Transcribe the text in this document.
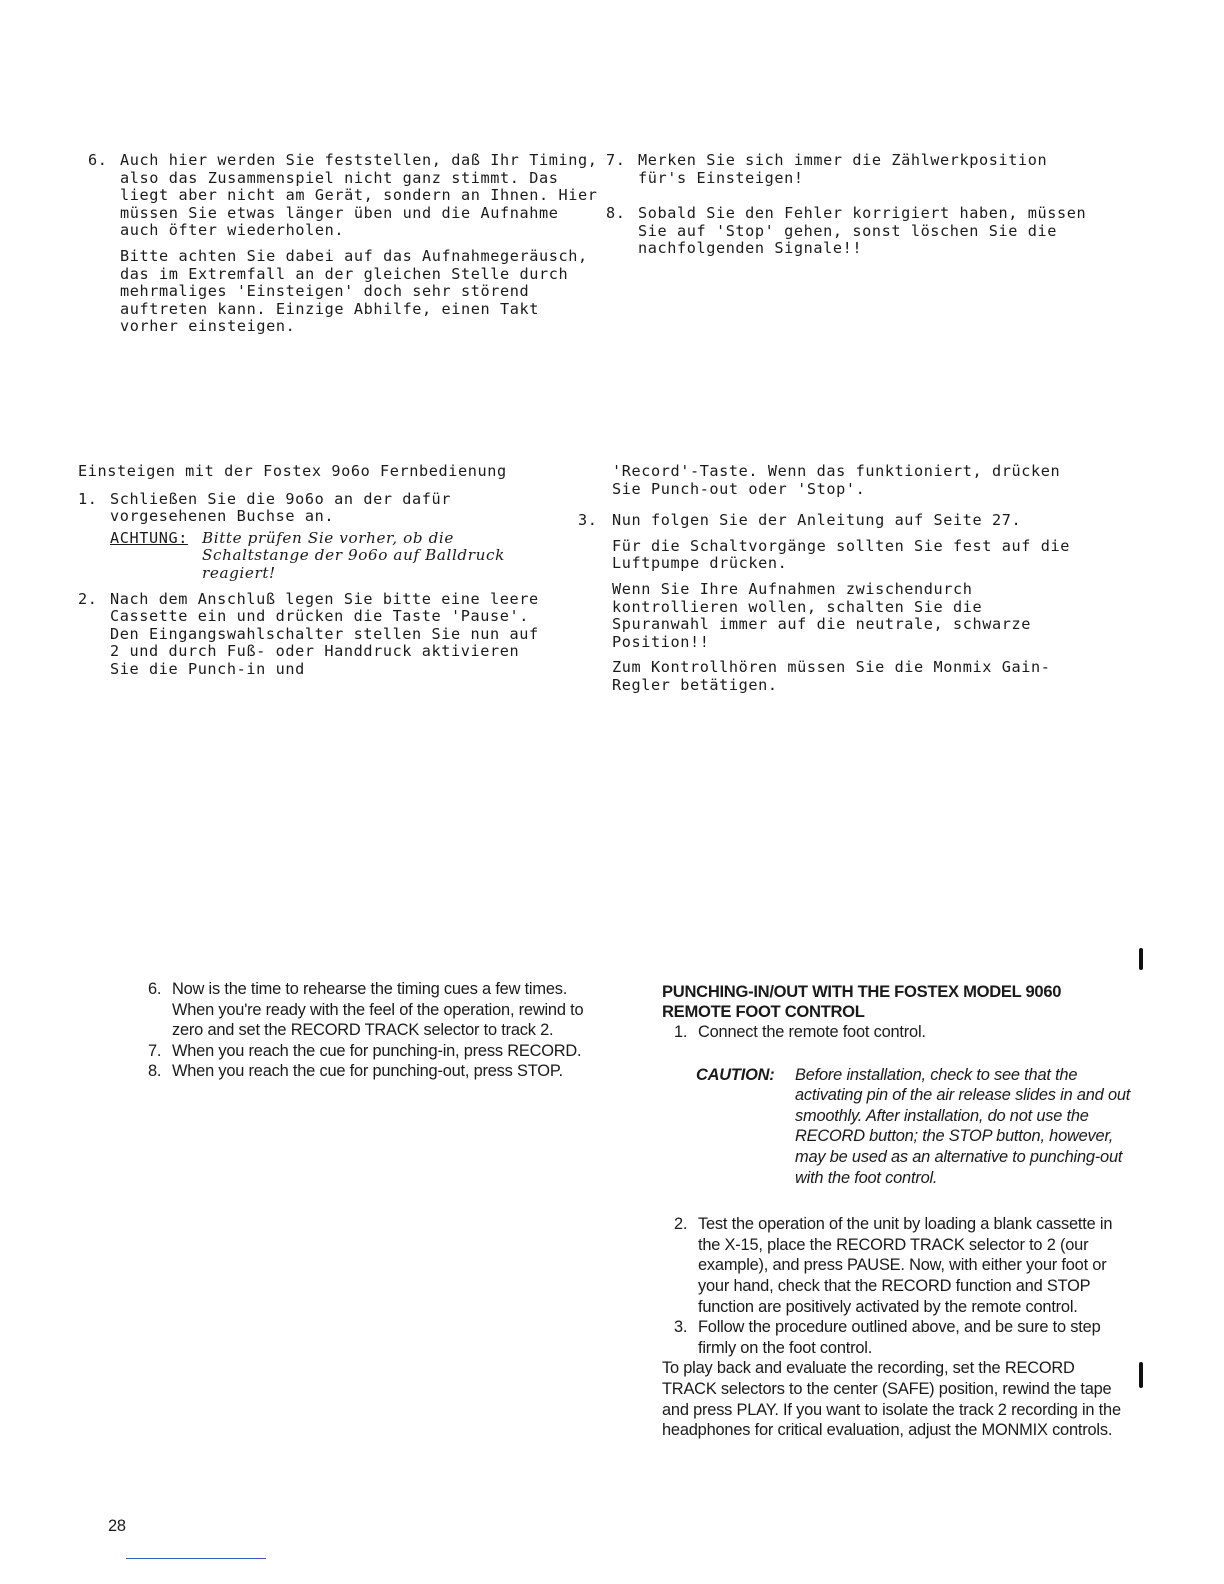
6. Auch hier werden Sie feststellen, daß Ihr Timing, also das Zusammenspiel nicht ganz stimmt. Das liegt aber nicht am Gerät, sondern an Ihnen. Hier müssen Sie etwas länger üben und die Aufnahme auch öfter wiederholen.

Bitte achten Sie dabei auf das Aufnahmegeräusch, das im Extremfall an der gleichen Stelle durch mehrmaliges 'Einsteigen' doch sehr störend auftreten kann. Einzige Abhilfe, einen Takt vorher einsteigen.

7. Merken Sie sich immer die Zählwerkposition für's Einsteigen!
8. Sobald Sie den Fehler korrigiert haben, müssen Sie auf 'Stop' gehen, sonst löschen Sie die nachfolgenden Signale!!

Einsteigen mit der Fostex 9o6o Fernbedienung

1. Schließen Sie die 9o6o an der dafür vorgesehenen Buchse an.
ACHTUNG: Bitte prüfen Sie vorher, ob die Schaltstange der 9o6o auf Balldruck reagiert!
2. Nach dem Anschluß legen Sie bitte eine leere Cassette ein und drücken die Taste 'Pause'. Den Eingangswahlschalter stellen Sie nun auf 2 und durch Fuß- oder Handdruck aktivieren Sie die Punch-in und

'Record'-Taste. Wenn das funktioniert, drücken Sie Punch-out oder 'Stop'.

3. Nun folgen Sie der Anleitung auf Seite 27.

Für die Schaltvorgänge sollten Sie fest auf die Luftpumpe drücken.

Wenn Sie Ihre Aufnahmen zwischendurch kontrollieren wollen, schalten Sie die Spuranwahl immer auf die neutrale, schwarze Position!!

Zum Kontrollhören müssen Sie die Monmix Gain-Regler betätigen.

6. Now is the time to rehearse the timing cues a few times. When you're ready with the feel of the operation, rewind to zero and set the RECORD TRACK selector to track 2.
7. When you reach the cue for punching-in, press RECORD.
8. When you reach the cue for punching-out, press STOP.

PUNCHING-IN/OUT WITH THE FOSTEX MODEL 9060 REMOTE FOOT CONTROL

1. Connect the remote foot control.
CAUTION: Before installation, check to see that the activating pin of the air release slides in and out smoothly. After installation, do not use the RECORD button; the STOP button, however, may be used as an alternative to punching-out with the foot control.
2. Test the operation of the unit by loading a blank cassette in the X-15, place the RECORD TRACK selector to 2 (our example), and press PAUSE. Now, with either your foot or your hand, check that the RECORD function and STOP function are positively activated by the remote control.
3. Follow the procedure outlined above, and be sure to step firmly on the foot control.

To play back and evaluate the recording, set the RECORD TRACK selectors to the center (SAFE) position, rewind the tape and press PLAY. If you want to isolate the track 2 recording in the headphones for critical evaluation, adjust the MONMIX controls.

28
